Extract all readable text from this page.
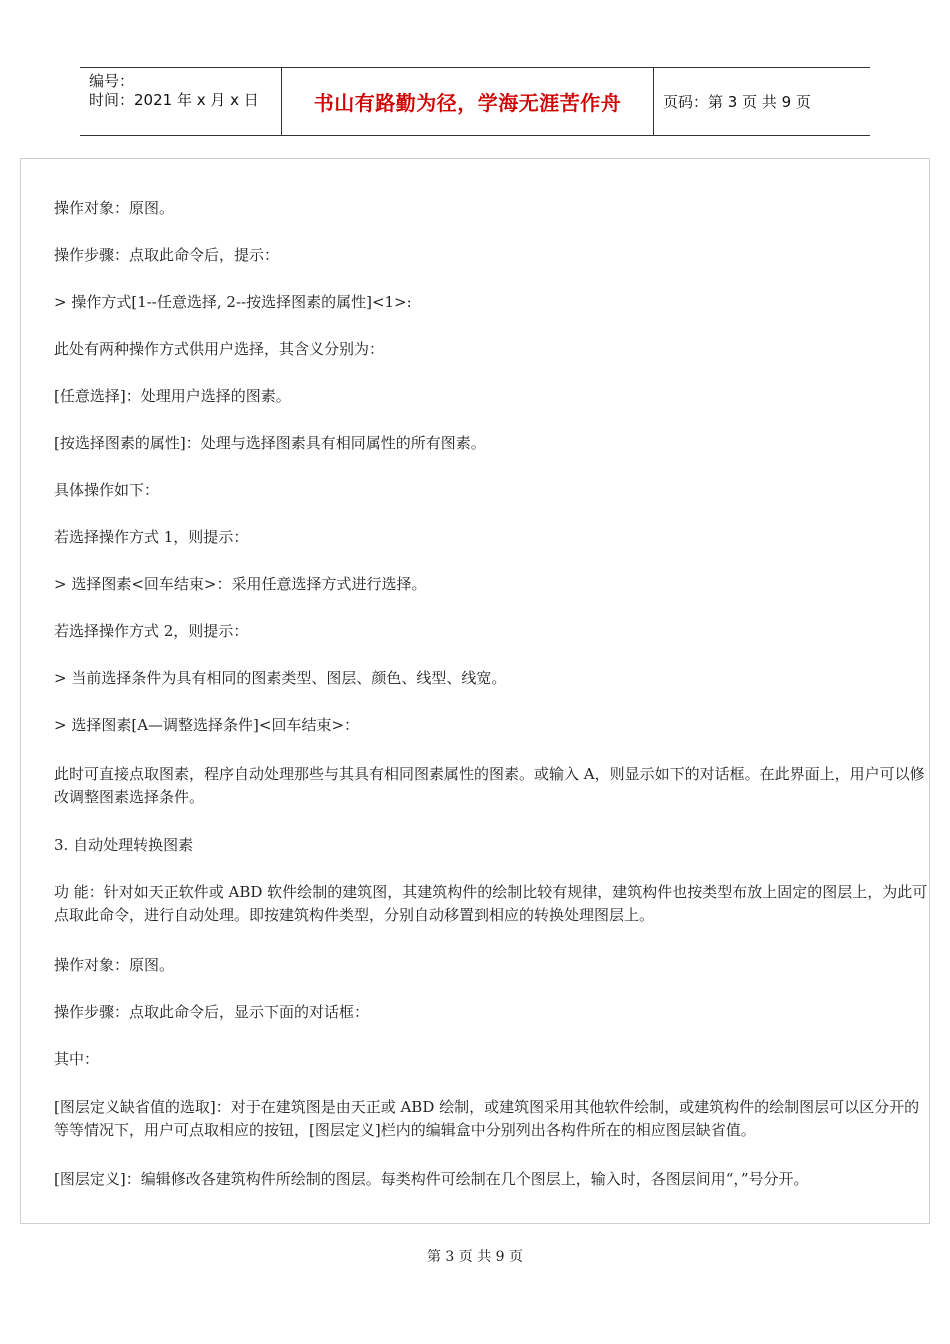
编号：
时间：2021 年 x 月 x 日	书山有路勤为径，学海无涯苦作舟	页码：第 3 页 共 9 页

操作对象：原图。

操作步骤：点取此命令后，提示：

> 操作方式[1--任意选择, 2--按选择图素的属性]<1>:

此处有两种操作方式供用户选择，其含义分别为：

[任意选择]：处理用户选择的图素。

[按选择图素的属性]：处理与选择图素具有相同属性的所有图素。

具体操作如下：

若选择操作方式 1，则提示：

> 选择图素<回车结束>：采用任意选择方式进行选择。

若选择操作方式 2，则提示：

> 当前选择条件为具有相同的图素类型、图层、颜色、线型、线宽。

> 选择图素[A—调整选择条件]<回车结束>：

此时可直接点取图素，程序自动处理那些与其具有相同图素属性的图素。或输入 A，则显示如下的对话框。在此界面上，用户可以修改调整图素选择条件。

3. 自动处理转换图素

功 能：针对如天正软件或 ABD 软件绘制的建筑图，其建筑构件的绘制比较有规律，建筑构件也按类型布放上固定的图层上，为此可点取此命令，进行自动处理。即按建筑构件类型，分别自动移置到相应的转换处理图层上。

操作对象：原图。

操作步骤：点取此命令后，显示下面的对话框：

其中：

[图层定义缺省值的选取]：对于在建筑图是由天正或 ABD 绘制，或建筑图采用其他软件绘制，或建筑构件的绘制图层可以区分开的等等情况下，用户可点取相应的按钮，[图层定义]栏内的编辑盒中分别列出各构件所在的相应图层缺省值。

[图层定义]：编辑修改各建筑构件所绘制的图层。每类构件可绘制在几个图层上，输入时，各图层间用“，”号分开。

第 3 页 共 9 页
